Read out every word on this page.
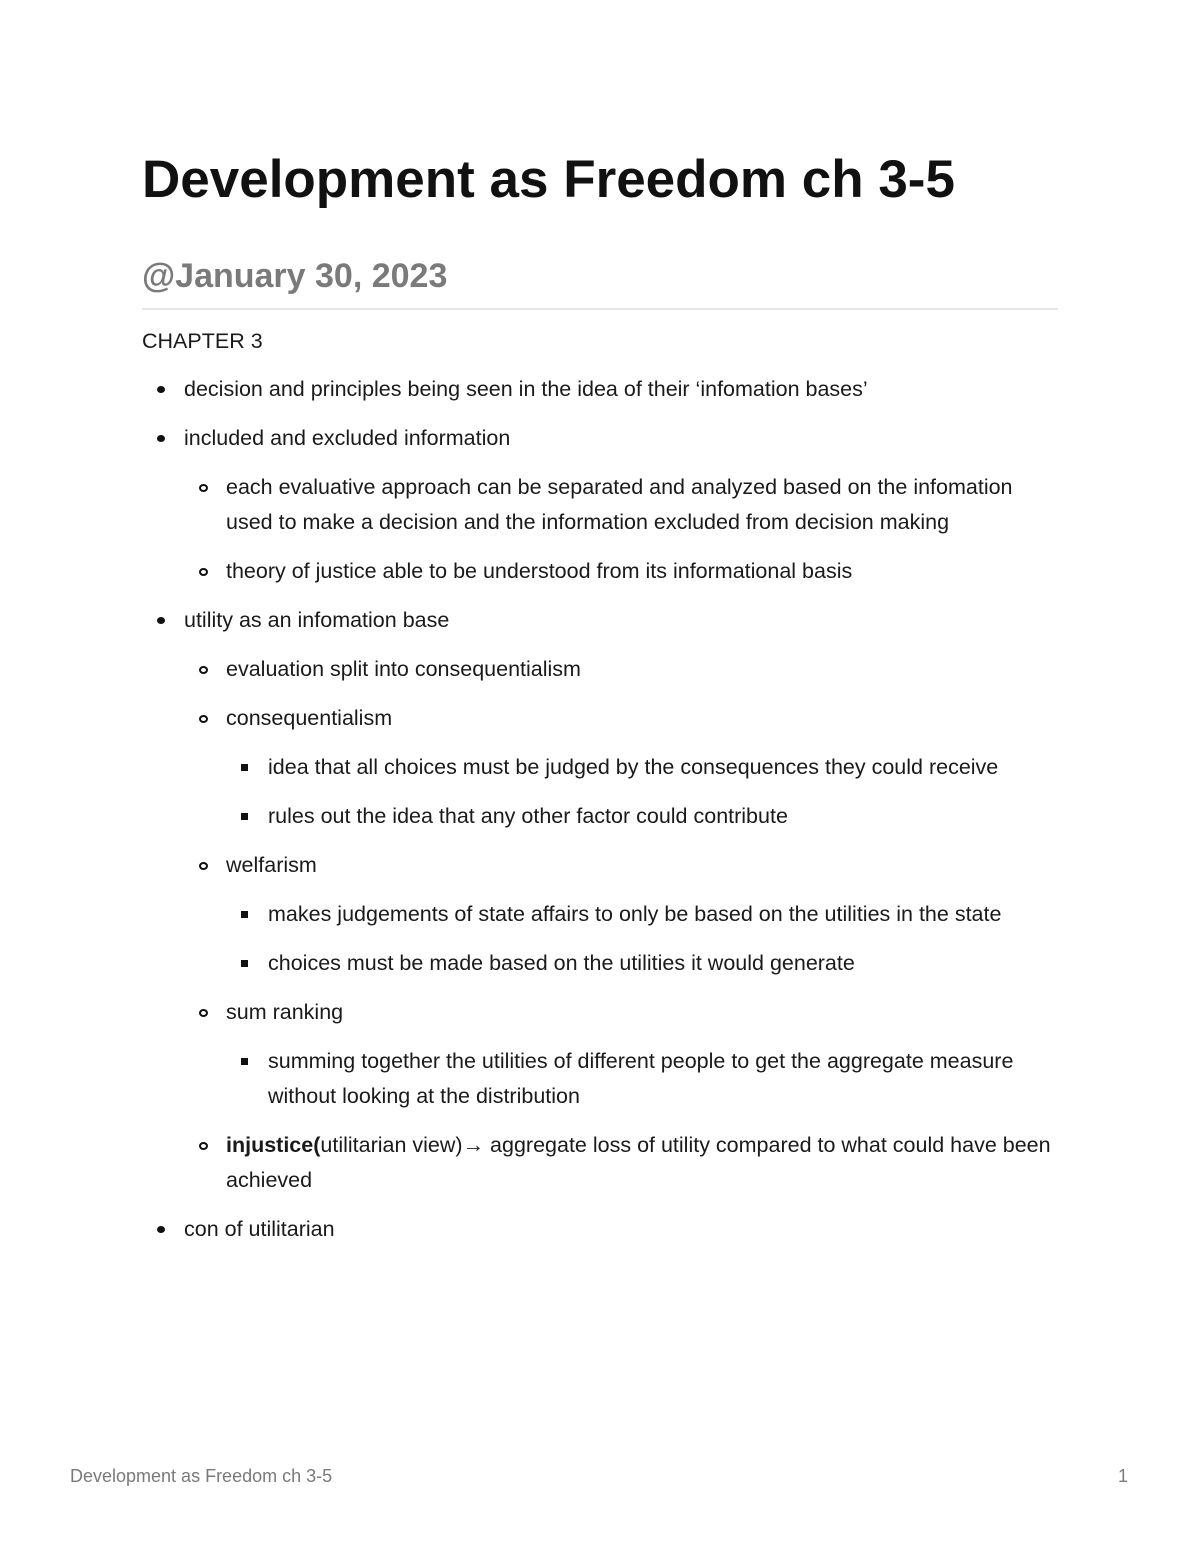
Development as Freedom ch 3-5
@January 30, 2023

CHAPTER 3

decision and principles being seen in the idea of their ‘infomation bases’
included and excluded information
each evaluative approach can be separated and analyzed based on the infomation used to make a decision and the information excluded from decision making
theory of justice able to be understood from its informational basis
utility as an infomation base
evaluation split into consequentialism
consequentialism
idea that all choices must be judged by the consequences they could receive
rules out the idea that any other factor could contribute
welfarism
makes judgements of state affairs to only be based on the utilities in the state
choices must be made based on the utilities it would generate
sum ranking
summing together the utilities of different people to get the aggregate measure without looking at the distribution
injustice(utilitarian view)→ aggregate loss of utility compared to what could have been achieved
con of utilitarian
Development as Freedom ch 3-5	1
